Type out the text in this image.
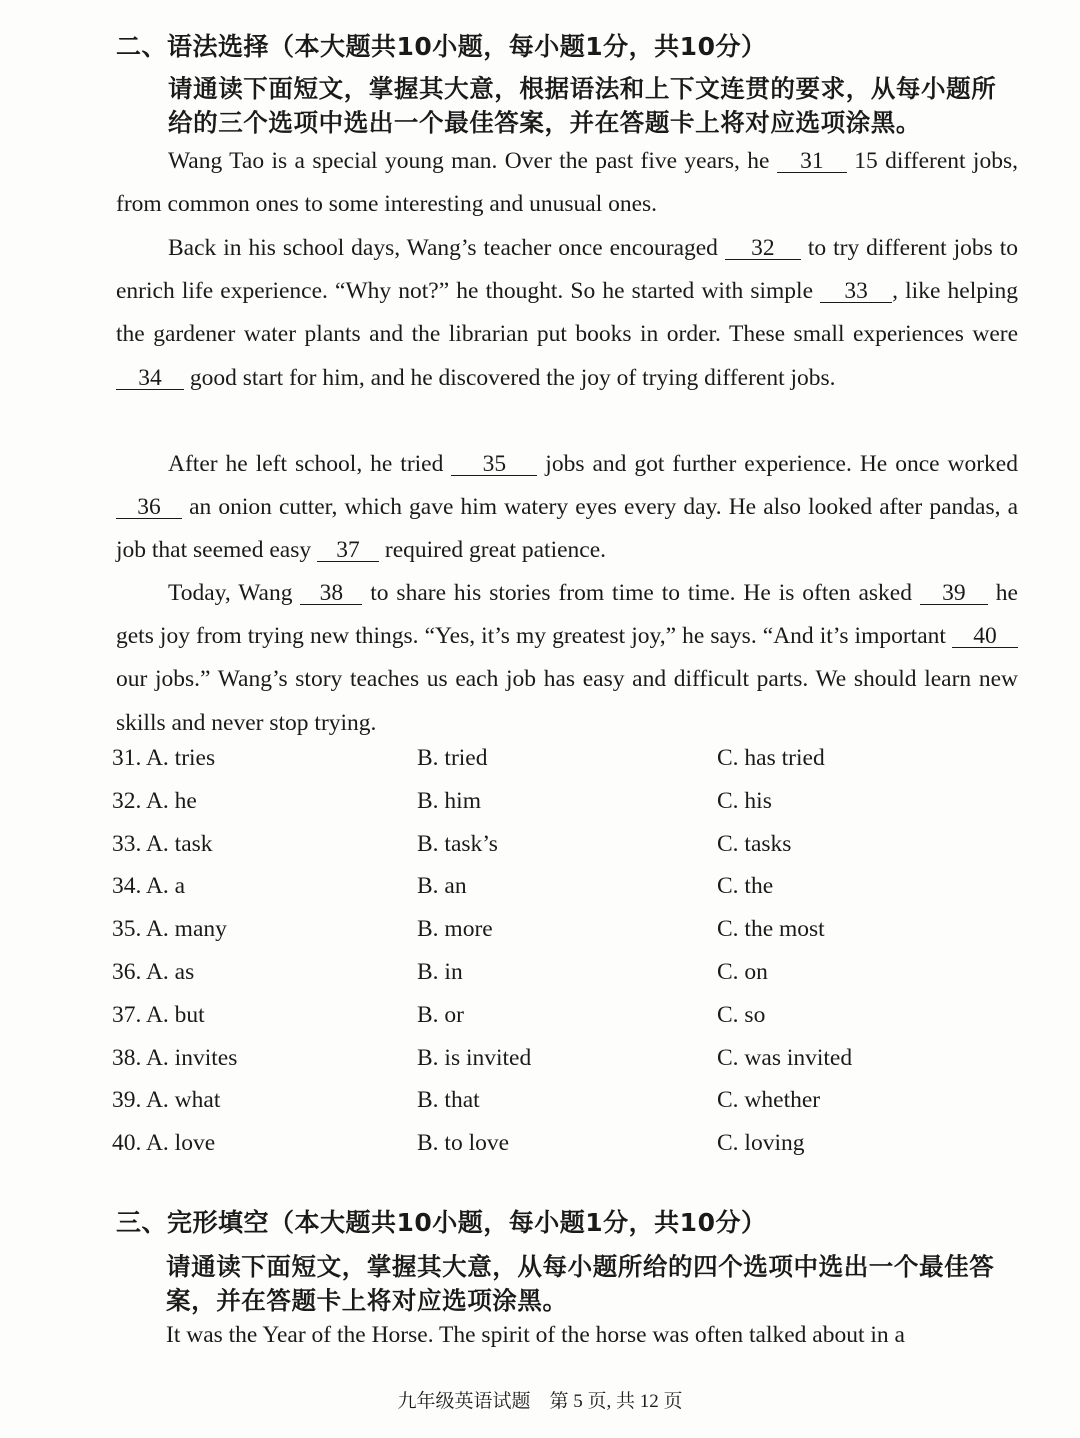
二、语法选择（本大题共10小题，每小题1分，共10分）
请通读下面短文，掌握其大意，根据语法和上下文连贯的要求，从每小题所给的三个选项中选出一个最佳答案，并在答题卡上将对应选项涂黑。
Wang Tao is a special young man. Over the past five years, he 31 15 different jobs, from common ones to some interesting and unusual ones.
Back in his school days, Wang’s teacher once encouraged 32 to try different jobs to enrich life experience. “Why not?” he thought. So he started with simple 33 , like helping the gardener water plants and the librarian put books in order. These small experiences were 34 good start for him, and he discovered the joy of trying different jobs.
After he left school, he tried 35 jobs and got further experience. He once worked 36 an onion cutter, which gave him watery eyes every day. He also looked after pandas, a job that seemed easy 37 required great patience.
Today, Wang 38 to share his stories from time to time. He is often asked 39 he gets joy from trying new things. “Yes, it’s my greatest joy,” he says. “And it’s important 40 our jobs.” Wang’s story teaches us each job has easy and difficult parts. We should learn new skills and never stop trying.
31. A. tries	B. tried	C. has tried
32. A. he	B. him	C. his
33. A. task	B. task’s	C. tasks
34. A. a	B. an	C. the
35. A. many	B. more	C. the most
36. A. as	B. in	C. on
37. A. but	B. or	C. so
38. A. invites	B. is invited	C. was invited
39. A. what	B. that	C. whether
40. A. love	B. to love	C. loving
三、完形填空（本大题共10小题，每小题1分，共10分）
请通读下面短文，掌握其大意，从每小题所给的四个选项中选出一个最佳答案，并在答题卡上将对应选项涂黑。
It was the Year of the Horse. The spirit of the horse was often talked about in a
九年级英语试题　第 5 页, 共 12 页
